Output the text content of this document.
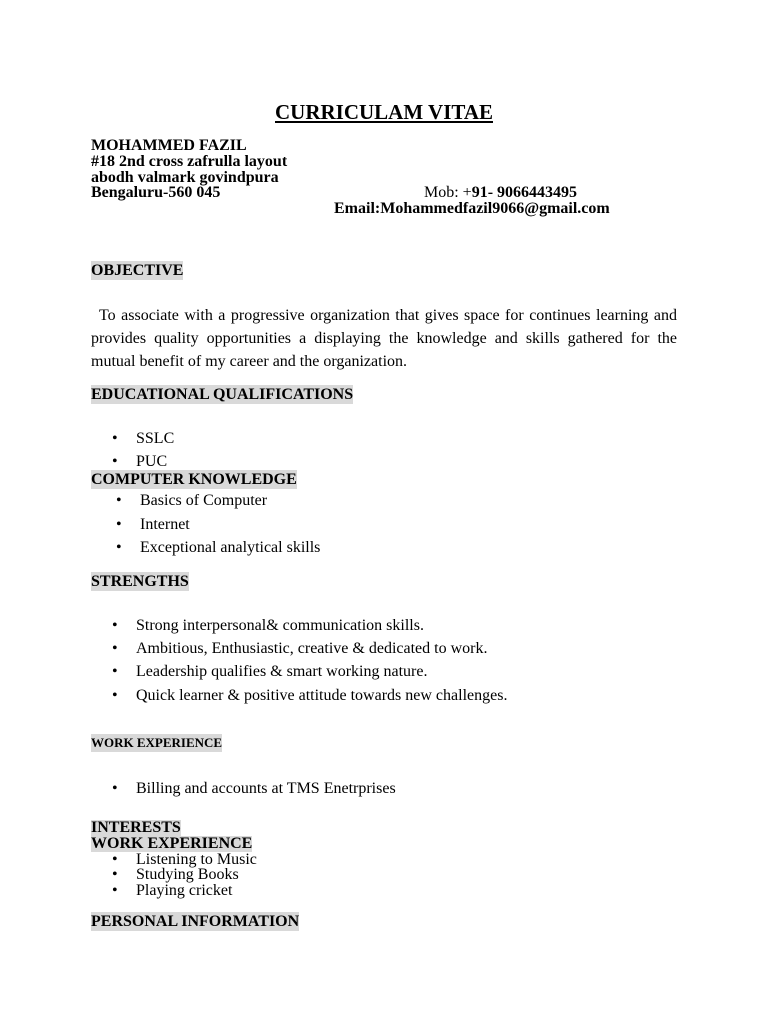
CURRICULAM VITAE
MOHAMMED FAZIL
#18 2nd cross zafrulla layout
abodh valmark govindpura
Bengaluru-560 045	Mob: +91- 9066443495
Email:Mohammedfazil9066@gmail.com
OBJECTIVE
To associate with a progressive organization that gives space for continues learning and provides quality opportunities a displaying the knowledge and skills gathered for the mutual benefit of my career and the organization.
EDUCATIONAL QUALIFICATIONS
• SSLC
• PUC
COMPUTER KNOWLEDGE
• Basics of Computer
• Internet
• Exceptional analytical skills
STRENGTHS
• Strong interpersonal& communication skills.
• Ambitious, Enthusiastic, creative & dedicated to work.
• Leadership qualifies & smart working nature.
• Quick learner & positive attitude towards new challenges.
WORK EXPERIENCE
• Billing and accounts at TMS Enetrprises
INTERESTS
WORK EXPERIENCE
• Listening to Music
• Studying Books
• Playing cricket
PERSONAL INFORMATION
